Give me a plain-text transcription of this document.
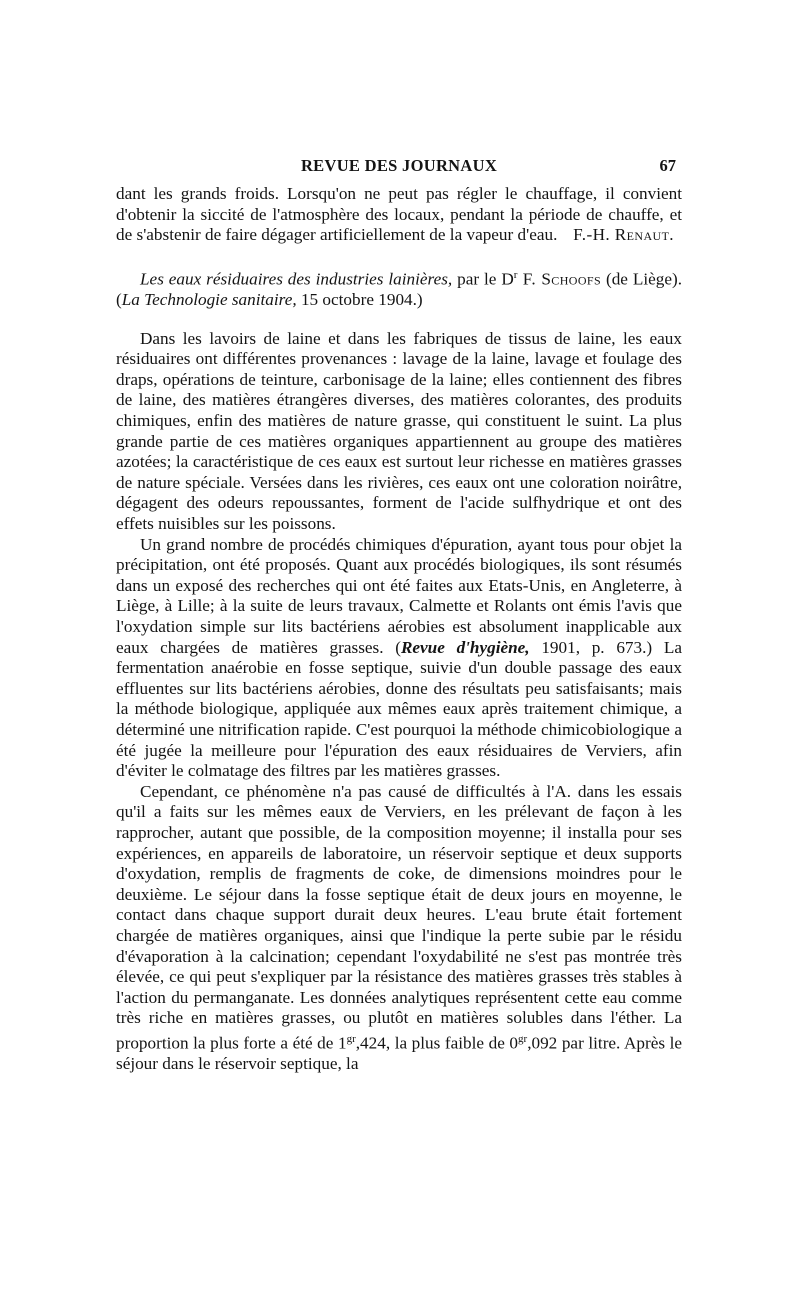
REVUE DES JOURNAUX	67

dant les grands froids. Lorsqu'on ne peut pas régler le chauffage, il convient d'obtenir la siccité de l'atmosphère des locaux, pendant la période de chauffe, et de s'abstenir de faire dégager artificiellement de la vapeur d'eau. F.-H. Renaut.

Les eaux résiduaires des industries lainières, par le $D^r$ F. Schoofs (de Liège). (La Technologie sanitaire, 15 octobre 1904.)

Dans les lavoirs de laine et dans les fabriques de tissus de laine, les eaux résiduaires ont différentes provenances : lavage de la laine, lavage et foulage des draps, opérations de teinture, carbonisage de la laine; elles contiennent des fibres de laine, des matières étrangères diverses, des matières colorantes, des produits chimiques, enfin des matières de nature grasse, qui constituent le suint. La plus grande partie de ces matières organiques appartiennent au groupe des matières azotées; la caractéristique de ces eaux est surtout leur richesse en matières grasses de nature spéciale. Versées dans les rivières, ces eaux ont une coloration noirâtre, dégagent des odeurs repoussantes, forment de l'acide sulfhydrique et ont des effets nuisibles sur les poissons.

Un grand nombre de procédés chimiques d'épuration, ayant tous pour objet la précipitation, ont été proposés. Quant aux procédés biologiques, ils sont résumés dans un exposé des recherches qui ont été faites aux Etats-Unis, en Angleterre, à Liège, à Lille; à la suite de leurs travaux, Calmette et Rolants ont émis l'avis que l'oxydation simple sur lits bactériens aérobies est absolument inapplicable aux eaux chargées de matières grasses. (Revue d'hygiène, 1901, p. 673.) La fermentation anaérobie en fosse septique, suivie d'un double passage des eaux effluentes sur lits bactériens aérobies, donne des résultats peu satisfaisants; mais la méthode biologique, appliquée aux mêmes eaux après traitement chimique, a déterminé une nitrification rapide. C'est pourquoi la méthode chimicobiologique a été jugée la meilleure pour l'épuration des eaux résiduaires de Verviers, afin d'éviter le colmatage des filtres par les matières grasses.

Cependant, ce phénomène n'a pas causé de difficultés à l'A. dans les essais qu'il a faits sur les mêmes eaux de Verviers, en les prélevant de façon à les rapprocher, autant que possible, de la composition moyenne; il installa pour ses expériences, en appareils de laboratoire, un réservoir septique et deux supports d'oxydation, remplis de fragments de coke, de dimensions moindres pour le deuxième. Le séjour dans la fosse septique était de deux jours en moyenne, le contact dans chaque support durait deux heures. L'eau brute était fortement chargée de matières organiques, ainsi que l'indique la perte subie par le résidu d'évaporation à la calcination; cependant l'oxydabilité ne s'est pas montrée très élevée, ce qui peut s'expliquer par la résistance des matières grasses très stables à l'action du permanganate. Les données analytiques représentent cette eau comme très riche en matières grasses, ou plutôt en matières solubles dans l'éther. La proportion la plus forte a été de $1^{gr},424$, la plus faible de $0^{gr},092$ par litre. Après le séjour dans le réservoir septique, la
